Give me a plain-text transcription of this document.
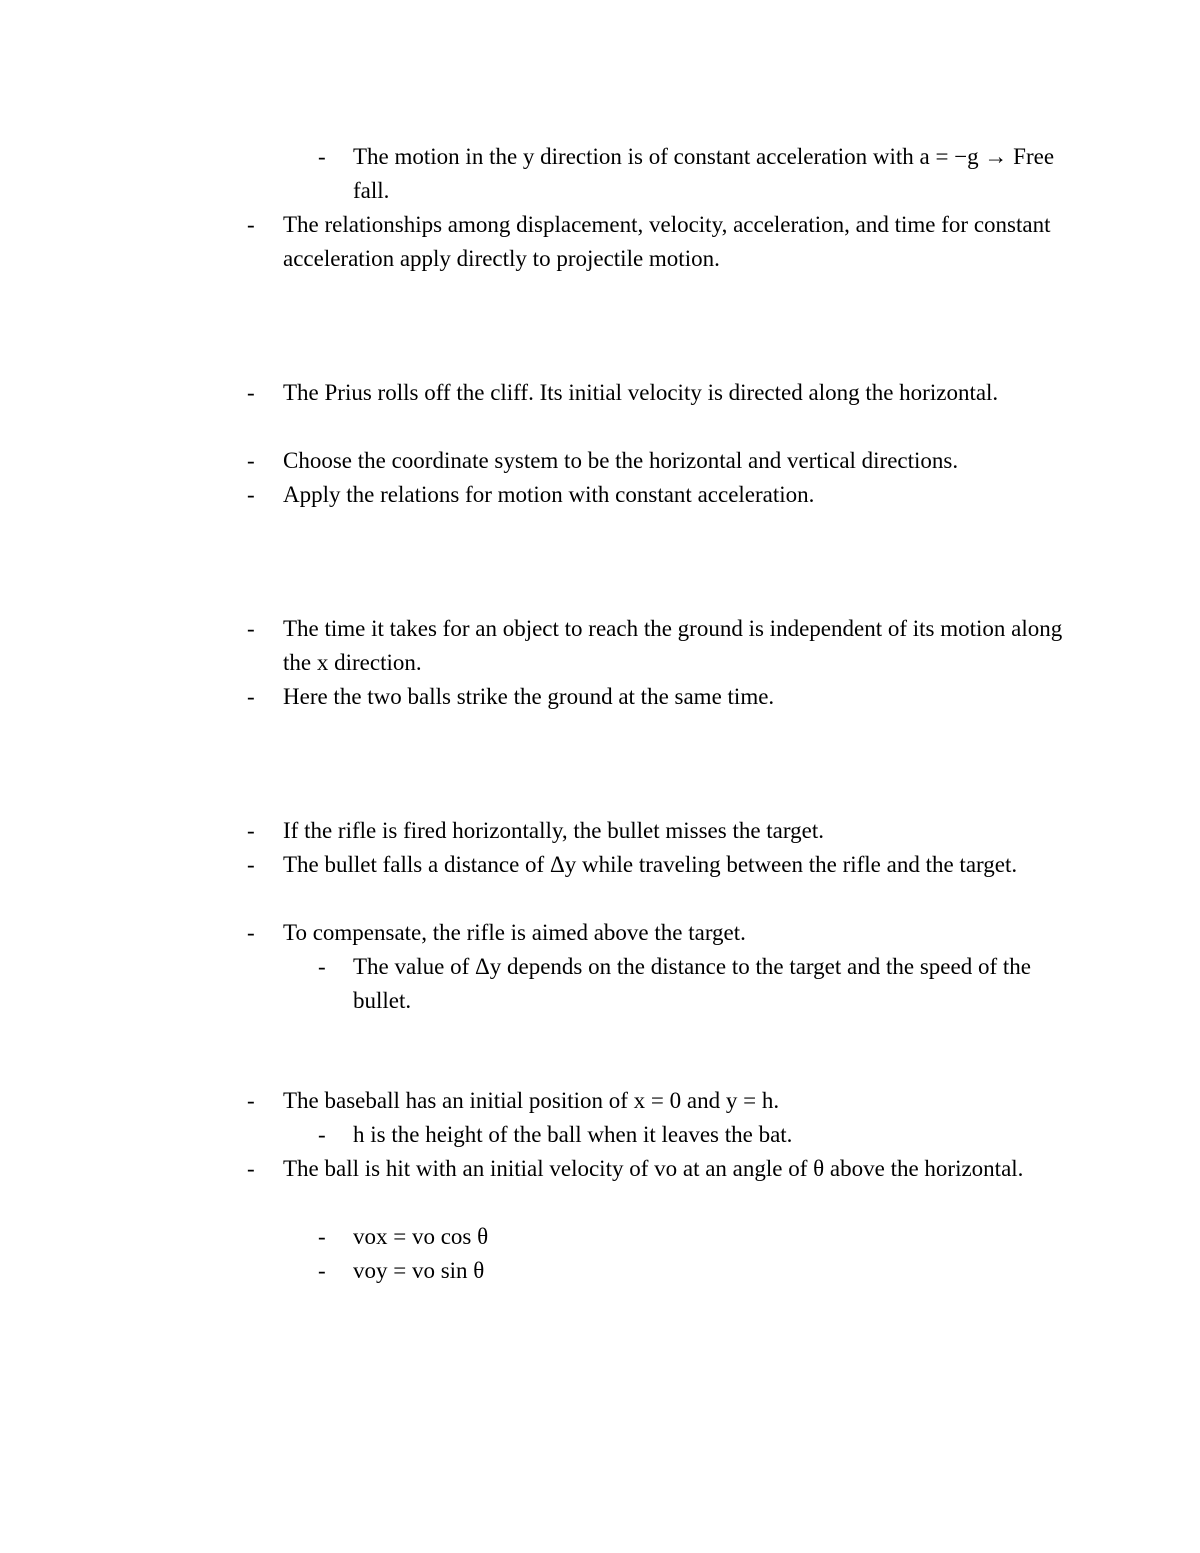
- The motion in the y direction is of constant acceleration with a = −g → Free fall.
- The relationships among displacement, velocity, acceleration, and time for constant acceleration apply directly to projectile motion.
- The Prius rolls off the cliff. Its initial velocity is directed along the horizontal.
- Choose the coordinate system to be the horizontal and vertical directions.
- Apply the relations for motion with constant acceleration.
- The time it takes for an object to reach the ground is independent of its motion along the x direction.
- Here the two balls strike the ground at the same time.
- If the rifle is fired horizontally, the bullet misses the target.
- The bullet falls a distance of Δy while traveling between the rifle and the target.
- To compensate, the rifle is aimed above the target.
- The value of Δy depends on the distance to the target and the speed of the bullet.
- The baseball has an initial position of x = 0 and y = h.
- h is the height of the ball when it leaves the bat.
- The ball is hit with an initial velocity of vo at an angle of θ above the horizontal.
- vox = vo cos θ
- voy = vo sin θ
